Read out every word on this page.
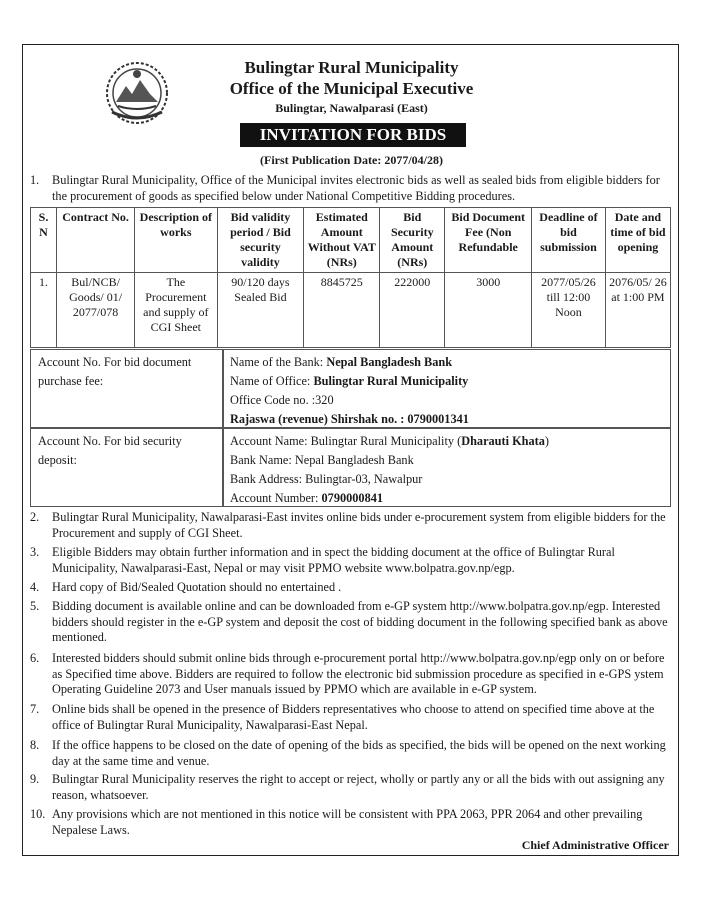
Bulingtar Rural Municipality
Office of the Municipal Executive
Bulingtar, Nawalparasi (East)
INVITATION FOR BIDS
(First Publication Date: 2077/04/28)
1. Bulingtar Rural Municipality, Office of the Municipal invites electronic bids as well as sealed bids from eligible bidders for the procurement of goods as specified below under National Competitive Bidding procedures.
S. N	Contract No.	Description of works	Bid validity period / Bid security validity	Estimated Amount Without VAT (NRs)	Bid Security Amount (NRs)	Bid Document Fee (Non Refundable	Deadline of bid submission	Date and time of bid opening
1.	Bul/NCB/ Goods/ 01/ 2077/078	The Procurement and supply of CGI Sheet	90/120 days Sealed Bid	8845725	222000	3000	2077/05/26 till 12:00 Noon	2076/05/ 26 at 1:00 PM
Account No. For bid document purchase fee:
Name of the Bank: Nepal Bangladesh Bank
Name of Office: Bulingtar Rural Municipality
Office Code no. :320
Rajaswa (revenue) Shirshak no. : 0790001341
Account No. For bid security deposit:
Account Name: Bulingtar Rural Municipality (Dharauti Khata)
Bank Name: Nepal Bangladesh Bank
Bank Address: Bulingtar-03, Nawalpur
Account Number: 0790000841
2. Bulingtar Rural Municipality, Nawalparasi-East invites online bids under e-procurement system from eligible bidders for the Procurement and supply of CGI Sheet.
3. Eligible Bidders may obtain further information and in spect the bidding document at the office of Bulingtar Rural Municipality, Nawalparasi-East, Nepal or may visit PPMO website www.bolpatra.gov.np/egp.
4. Hard copy of Bid/Sealed Quotation should no entertained .
5. Bidding document is available online and can be downloaded from e-GP system http://www.bolpatra.gov.np/egp. Interested bidders should register in the e-GP system and deposit the cost of bidding document in the following specified bank as above mentioned.
6. Interested bidders should submit online bids through e-procurement portal http://www.bolpatra.gov.np/egp only on or before as Specified time above. Bidders are required to follow the electronic bid submission procedure as specified in e-GPS ystem Operating Guideline 2073 and User manuals issued by PPMO which are available in e-GP system.
7. Online bids shall be opened in the presence of Bidders representatives who choose to attend on specified time above at the office of Bulingtar Rural Municipality, Nawalparasi-East Nepal.
8. If the office happens to be closed on the date of opening of the bids as specified, the bids will be opened on the next working day at the same time and venue.
9. Bulingtar Rural Municipality reserves the right to accept or reject, wholly or partly any or all the bids with out assigning any reason, whatsoever.
10. Any provisions which are not mentioned in this notice will be consistent with PPA 2063, PPR 2064 and other prevailing Nepalese Laws.
Chief Administrative Officer
